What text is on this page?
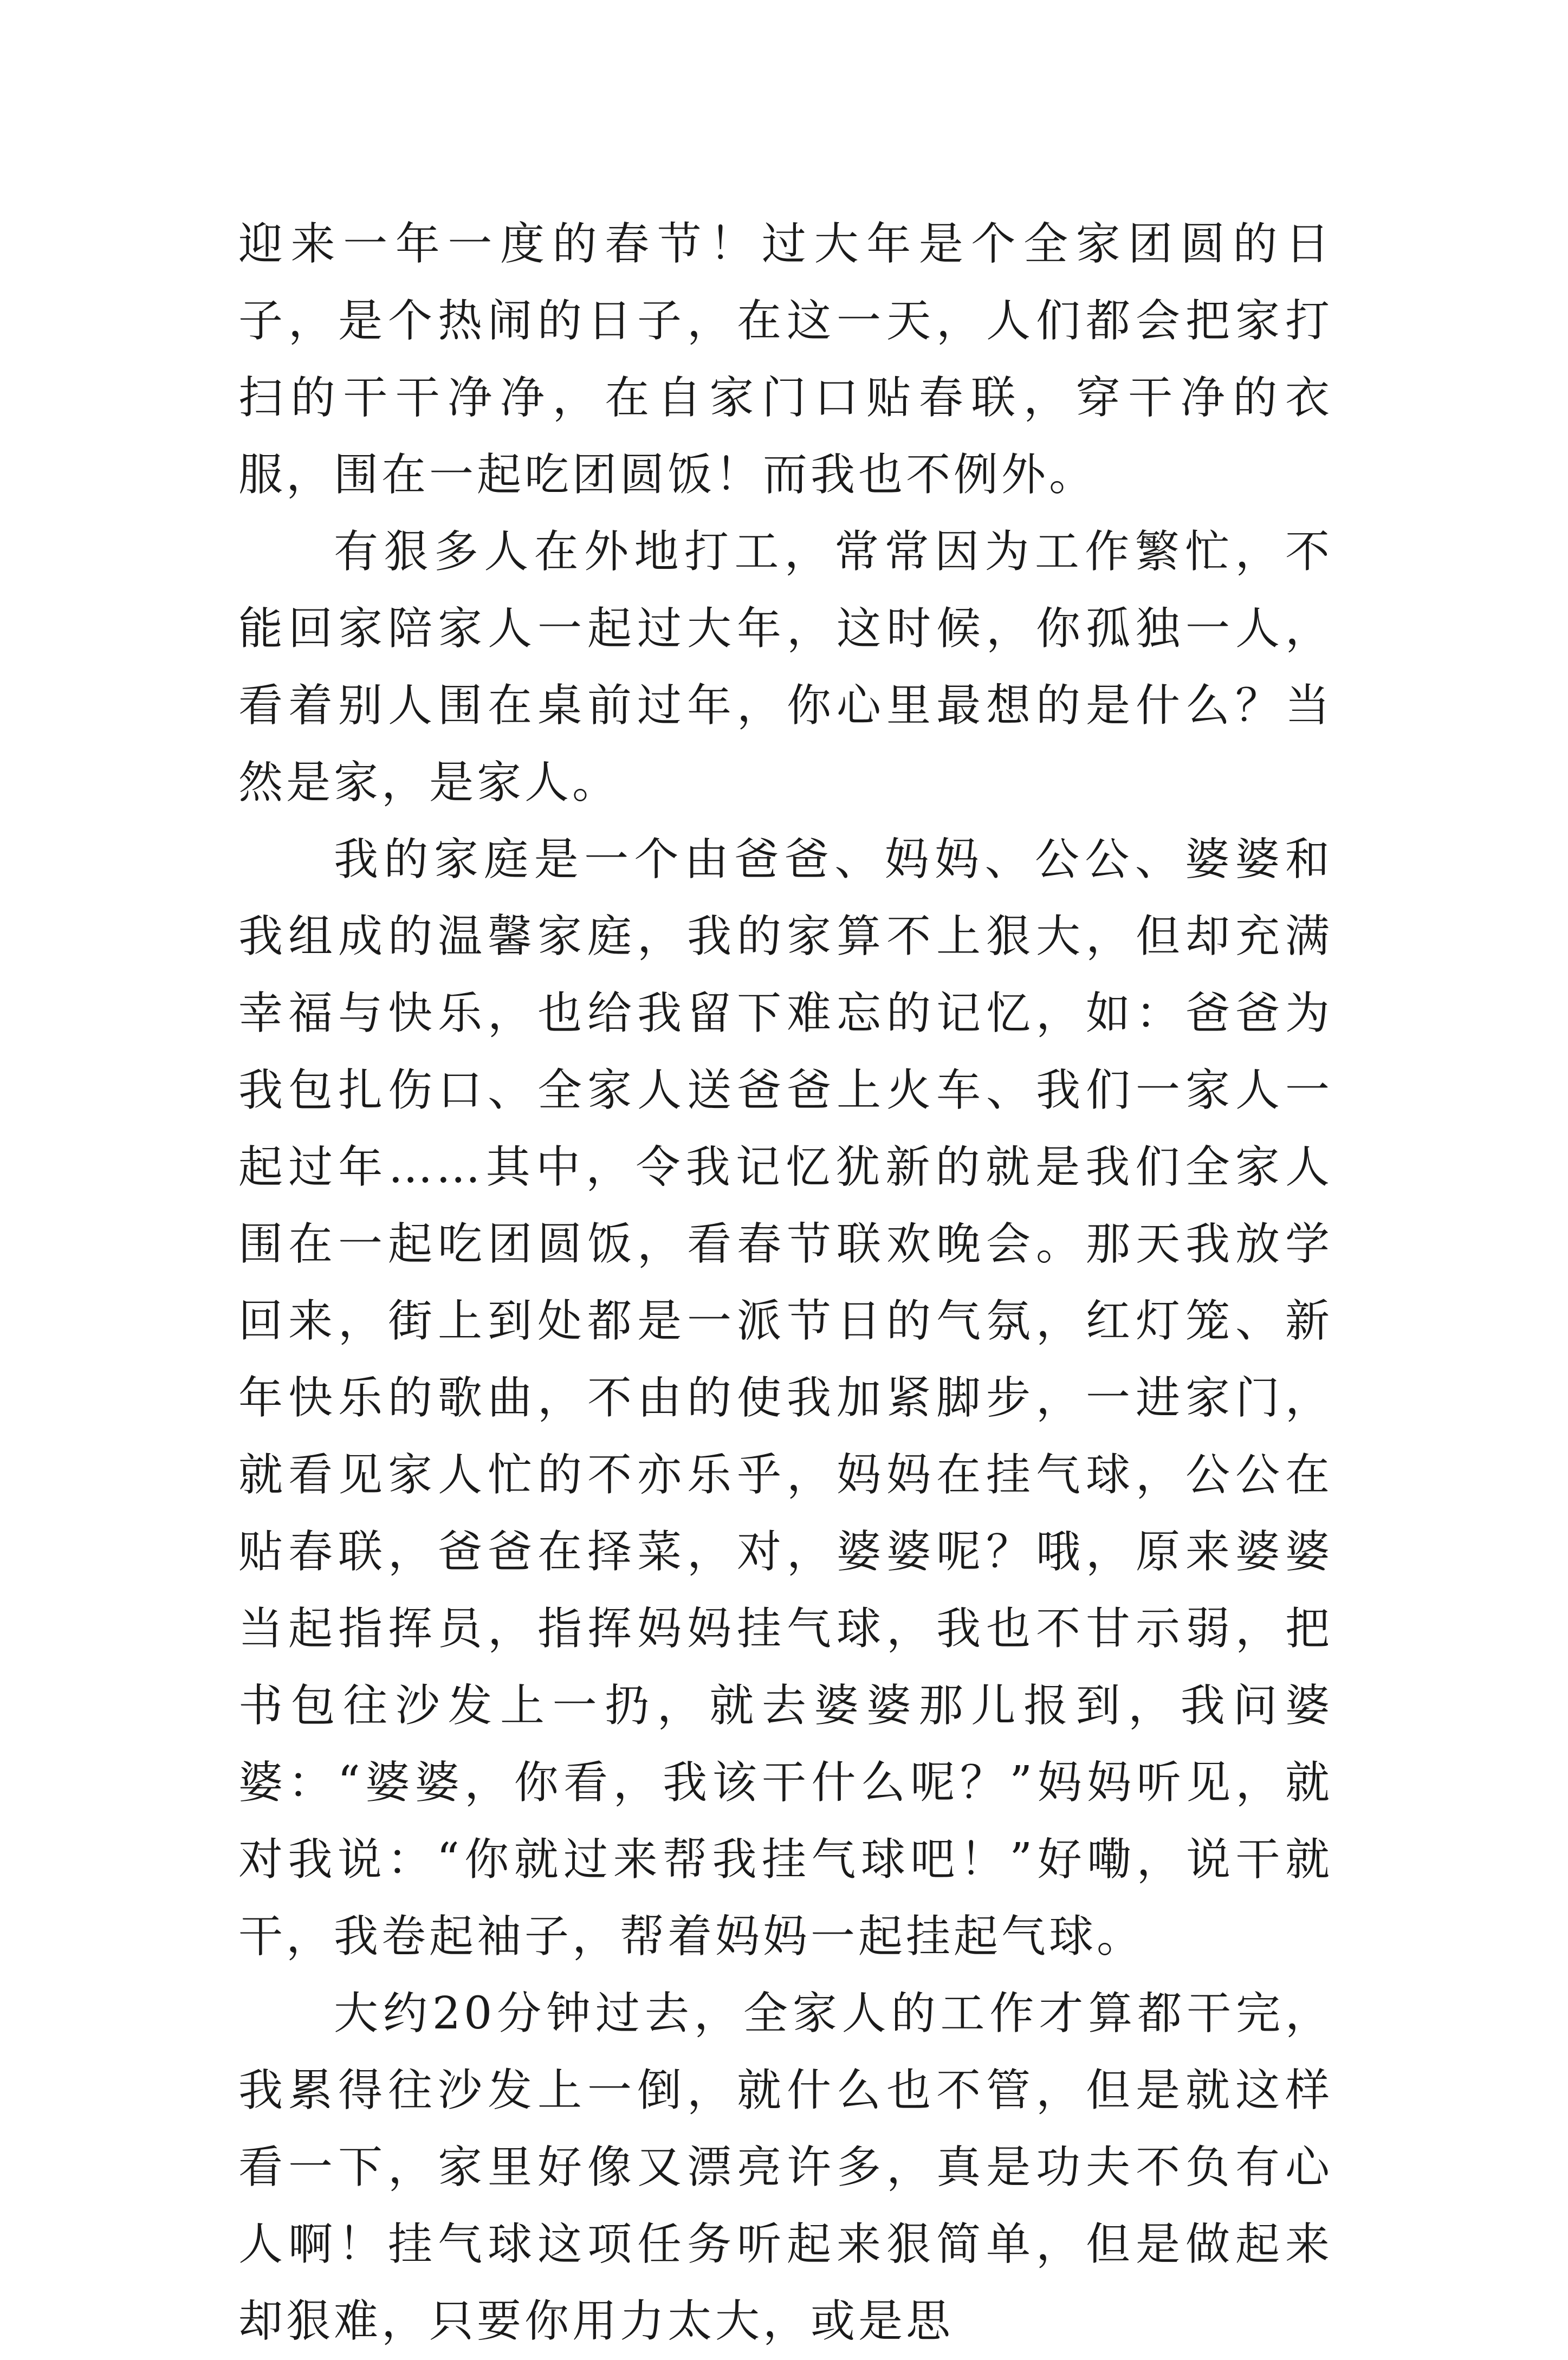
迎来一年一度的春节！过大年是个全家团圆的日子，是个热闹的日子，在这一天，人们都会把家打扫的干干净净，在自家门口贴春联，穿干净的衣服，围在一起吃团圆饭！而我也不例外。

有狠多人在外地打工，常常因为工作繁忙，不能回家陪家人一起过大年，这时候，你孤独一人，看着别人围在桌前过年，你心里最想的是什么？当然是家，是家人。

我的家庭是一个由爸爸、妈妈、公公、婆婆和我组成的温馨家庭，我的家算不上狠大，但却充满幸福与快乐，也给我留下难忘的记忆，如：爸爸为我包扎伤口、全家人送爸爸上火车、我们一家人一起过年……其中，令我记忆犹新的就是我们全家人围在一起吃团圆饭，看春节联欢晚会。那天我放学回来，街上到处都是一派节日的气氛，红灯笼、新年快乐的歌曲，不由的使我加紧脚步，一进家门，就看见家人忙的不亦乐乎，妈妈在挂气球，公公在贴春联，爸爸在择菜，对，婆婆呢？哦，原来婆婆当起指挥员，指挥妈妈挂气球，我也不甘示弱，把书包往沙发上一扔，就去婆婆那儿报到，我问婆婆：“婆婆，你看，我该干什么呢？”妈妈听见，就对我说：“你就过来帮我挂气球吧！”好嘞，说干就干，我卷起袖子，帮着妈妈一起挂起气球。

大约20分钟过去，全家人的工作才算都干完，我累得往沙发上一倒，就什么也不管，但是就这样看一下，家里好像又漂亮许多，真是功夫不负有心人啊！挂气球这项任务听起来狠简单，但是做起来却狠难，只要你用力太大，或是思
